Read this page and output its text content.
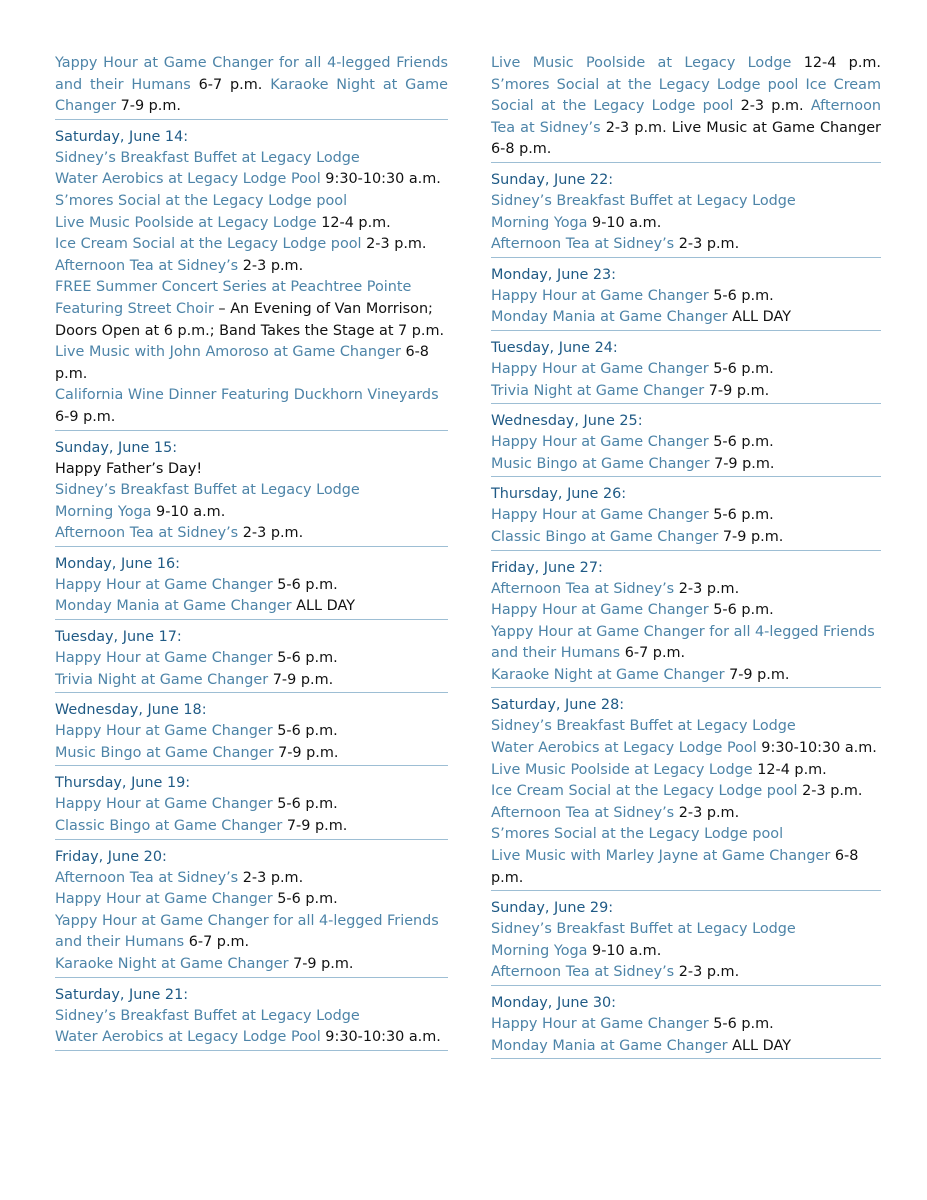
Yappy Hour at Game Changer for all 4-legged Friends and their Humans 6-7 p.m. Karaoke Night at Game Changer 7-9 p.m.
Saturday, June 14:
Sidney’s Breakfast Buffet at Legacy Lodge
Water Aerobics at Legacy Lodge Pool 9:30-10:30 a.m.
S’mores Social at the Legacy Lodge pool
Live Music Poolside at Legacy Lodge 12-4 p.m.
Ice Cream Social at the Legacy Lodge pool 2-3 p.m.
Afternoon Tea at Sidney’s 2-3 p.m.
FREE Summer Concert Series at Peachtree Pointe Featuring Street Choir – An Evening of Van Morrison; Doors Open at 6 p.m.; Band Takes the Stage at 7 p.m.
Live Music with John Amoroso at Game Changer 6-8 p.m.
California Wine Dinner Featuring Duckhorn Vineyards 6-9 p.m.
Sunday, June 15:
Happy Father’s Day!
Sidney’s Breakfast Buffet at Legacy Lodge
Morning Yoga 9-10 a.m.
Afternoon Tea at Sidney’s 2-3 p.m.
Monday, June 16:
Happy Hour at Game Changer 5-6 p.m.
Monday Mania at Game Changer ALL DAY
Tuesday, June 17:
Happy Hour at Game Changer 5-6 p.m.
Trivia Night at Game Changer 7-9 p.m.
Wednesday, June 18:
Happy Hour at Game Changer 5-6 p.m.
Music Bingo at Game Changer 7-9 p.m.
Thursday, June 19:
Happy Hour at Game Changer 5-6 p.m.
Classic Bingo at Game Changer 7-9 p.m.
Friday, June 20:
Afternoon Tea at Sidney’s 2-3 p.m.
Happy Hour at Game Changer 5-6 p.m.
Yappy Hour at Game Changer for all 4-legged Friends and their Humans 6-7 p.m.
Karaoke Night at Game Changer 7-9 p.m.
Saturday, June 21:
Sidney’s Breakfast Buffet at Legacy Lodge
Water Aerobics at Legacy Lodge Pool 9:30-10:30 a.m.
Live Music Poolside at Legacy Lodge 12-4 p.m. S’mores Social at the Legacy Lodge pool Ice Cream Social at the Legacy Lodge pool 2-3 p.m. Afternoon Tea at Sidney’s 2-3 p.m. Live Music at Game Changer 6-8 p.m.
Sunday, June 22:
Sidney’s Breakfast Buffet at Legacy Lodge
Morning Yoga 9-10 a.m.
Afternoon Tea at Sidney’s 2-3 p.m.
Monday, June 23:
Happy Hour at Game Changer 5-6 p.m.
Monday Mania at Game Changer ALL DAY
Tuesday, June 24:
Happy Hour at Game Changer 5-6 p.m.
Trivia Night at Game Changer 7-9 p.m.
Wednesday, June 25:
Happy Hour at Game Changer 5-6 p.m.
Music Bingo at Game Changer 7-9 p.m.
Thursday, June 26:
Happy Hour at Game Changer 5-6 p.m.
Classic Bingo at Game Changer 7-9 p.m.
Friday, June 27:
Afternoon Tea at Sidney’s 2-3 p.m.
Happy Hour at Game Changer 5-6 p.m.
Yappy Hour at Game Changer for all 4-legged Friends and their Humans 6-7 p.m.
Karaoke Night at Game Changer 7-9 p.m.
Saturday, June 28:
Sidney’s Breakfast Buffet at Legacy Lodge
Water Aerobics at Legacy Lodge Pool 9:30-10:30 a.m.
Live Music Poolside at Legacy Lodge 12-4 p.m.
Ice Cream Social at the Legacy Lodge pool 2-3 p.m.
Afternoon Tea at Sidney’s 2-3 p.m.
S’mores Social at the Legacy Lodge pool
Live Music with Marley Jayne at Game Changer 6-8 p.m.
Sunday, June 29:
Sidney’s Breakfast Buffet at Legacy Lodge
Morning Yoga 9-10 a.m.
Afternoon Tea at Sidney’s 2-3 p.m.
Monday, June 30:
Happy Hour at Game Changer 5-6 p.m.
Monday Mania at Game Changer ALL DAY
